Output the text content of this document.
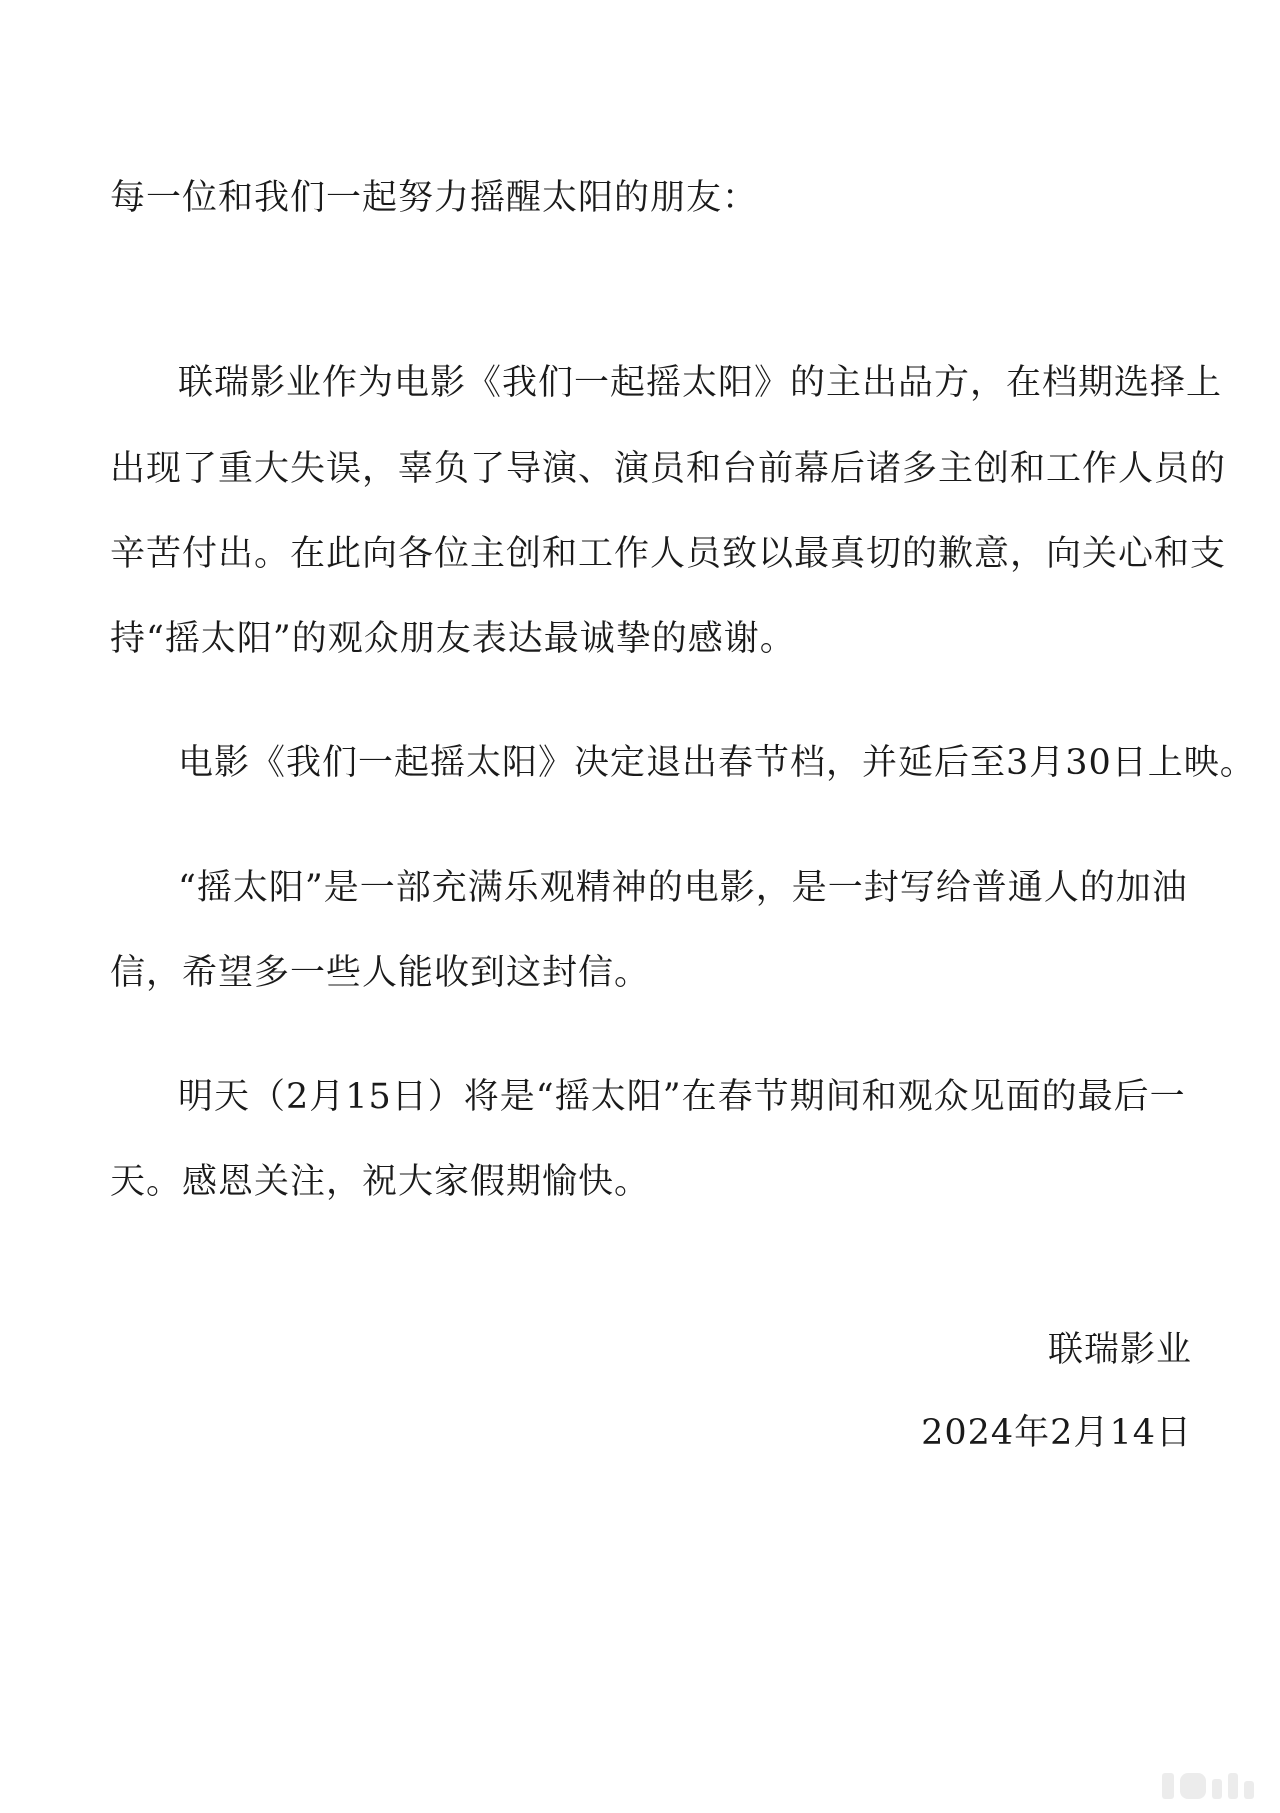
每一位和我们一起努力摇醒太阳的朋友：
联瑞影业作为电影《我们一起摇太阳》的主出品方，在档期选择上
出现了重大失误，辜负了导演、演员和台前幕后诸多主创和工作人员的
辛苦付出。在此向各位主创和工作人员致以最真切的歉意，向关心和支
持“摇太阳”的观众朋友表达最诚挚的感谢。
电影《我们一起摇太阳》决定退出春节档，并延后至3月30日上映。
“摇太阳”是一部充满乐观精神的电影，是一封写给普通人的加油
信，希望多一些人能收到这封信。
明天（2月15日）将是“摇太阳”在春节期间和观众见面的最后一
天。感恩关注，祝大家假期愉快。
联瑞影业
2024年2月14日
